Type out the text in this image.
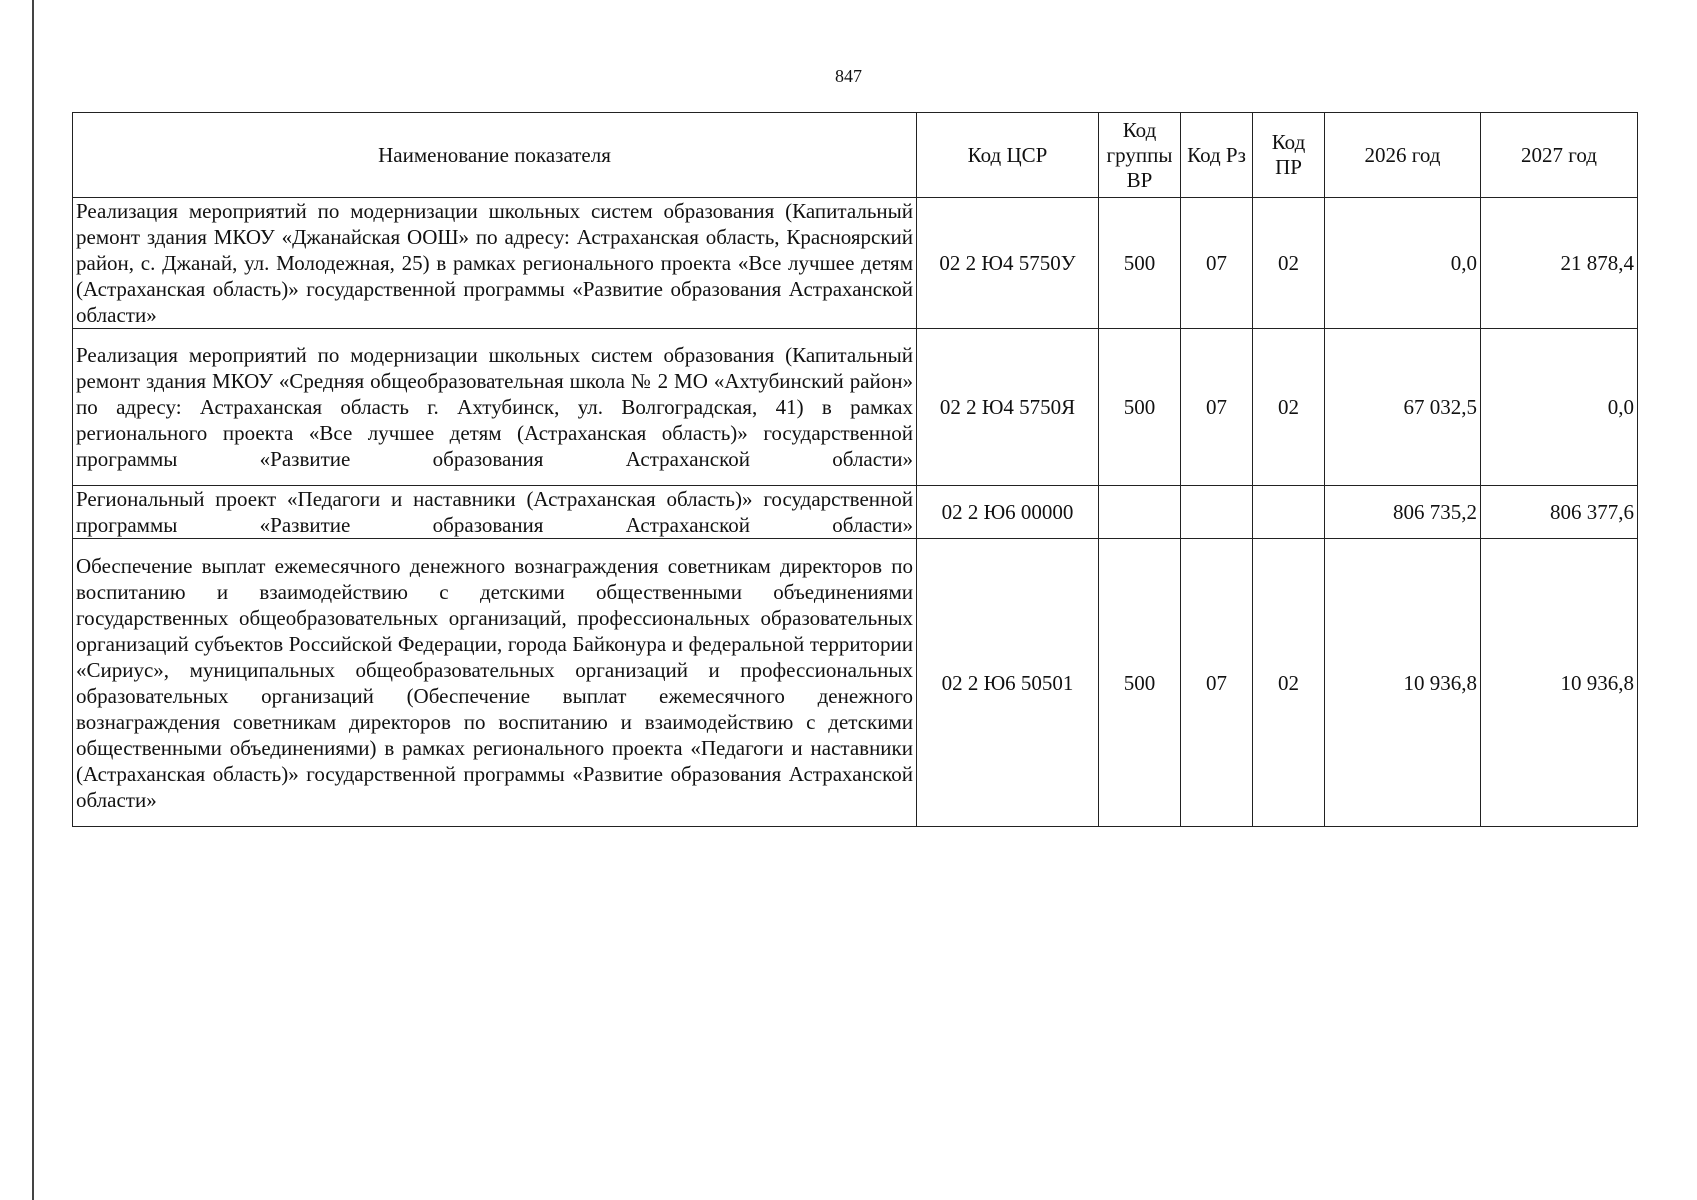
847
Наименование показателя	Код ЦСР	Код группы ВР	Код Рз	Код ПР	2026 год	2027 год
Реализация мероприятий по модернизации школьных систем образования (Капитальный ремонт здания МКОУ «Джанайская ООШ» по адресу: Астраханская область, Красноярский район, с. Джанай, ул. Молодежная, 25) в рамках регионального проекта «Все лучшее детям (Астраханская область)» государственной программы «Развитие образования Астраханской области»	02 2 Ю4 5750У	500	07	02	0,0	21 878,4
Реализация мероприятий по модернизации школьных систем образования (Капитальный ремонт здания МКОУ «Средняя общеобразовательная школа № 2 МО «Ахтубинский район» по адресу: Астраханская область г. Ахтубинск, ул. Волгоградская, 41) в рамках регионального проекта «Все лучшее детям (Астраханская область)» государственной программы «Развитие образования Астраханской области»	02 2 Ю4 5750Я	500	07	02	67 032,5	0,0
Региональный проект «Педагоги и наставники (Астраханская область)» государственной программы «Развитие образования Астраханской области»	02 2 Ю6 00000				806 735,2	806 377,6
Обеспечение выплат ежемесячного денежного вознаграждения советникам директоров по воспитанию и взаимодействию с детскими общественными объединениями государственных общеобразовательных организаций, профессиональных образовательных организаций субъектов Российской Федерации, города Байконура и федеральной территории «Сириус», муниципальных общеобразовательных организаций и профессиональных образовательных организаций (Обеспечение выплат ежемесячного денежного вознаграждения советникам директоров по воспитанию и взаимодействию с детскими общественными объединениями) в рамках регионального проекта «Педагоги и наставники (Астраханская область)» государственной программы «Развитие образования Астраханской области»	02 2 Ю6 50501	500	07	02	10 936,8	10 936,8
